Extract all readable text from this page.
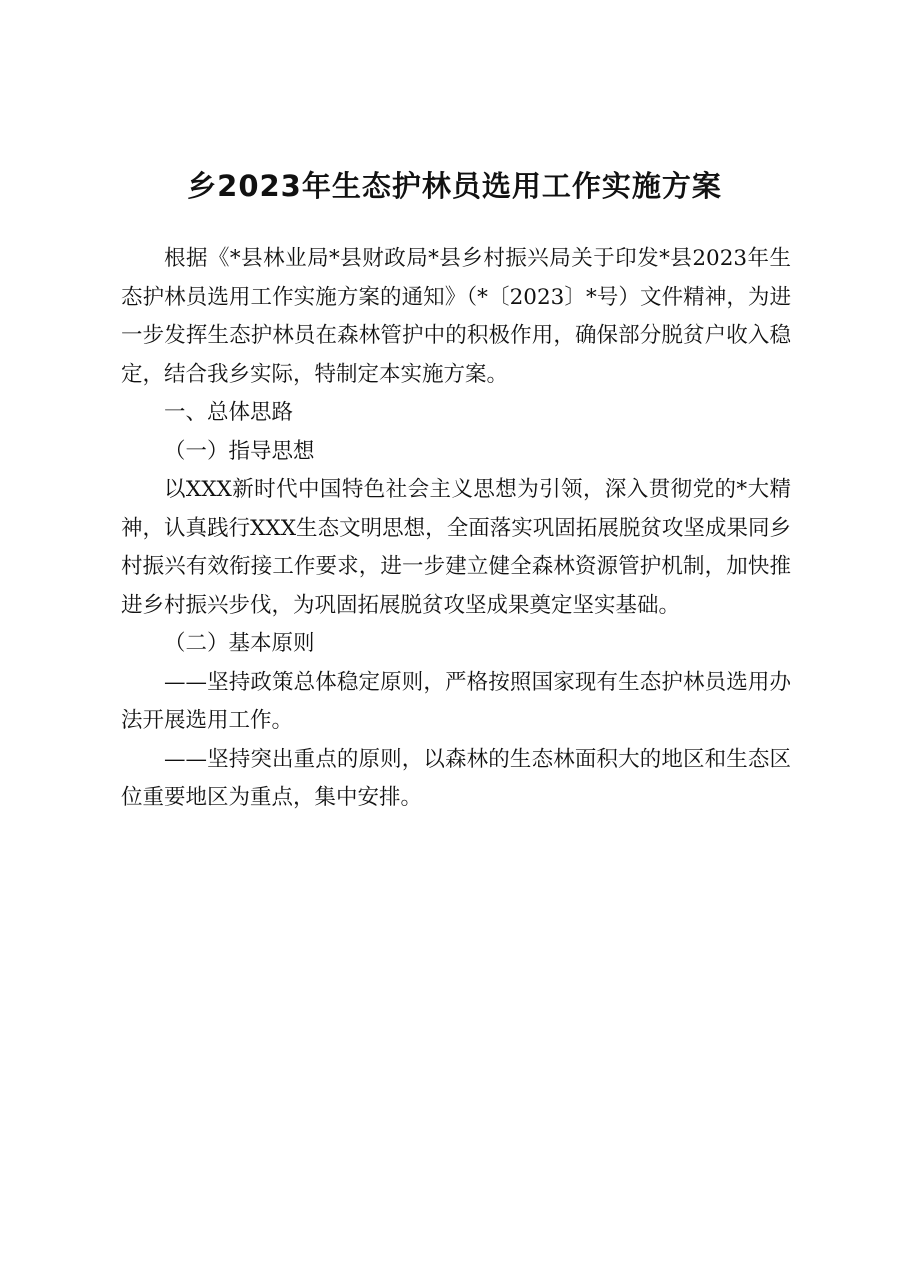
乡2023年生态护林员选用工作实施方案

根据《*县林业局*县财政局*县乡村振兴局关于印发*县2023年生态护林员选用工作实施方案的通知》（*〔2023〕*号）文件精神，为进一步发挥生态护林员在森林管护中的积极作用，确保部分脱贫户收入稳定，结合我乡实际，特制定本实施方案。

一、总体思路

（一）指导思想

以XXX新时代中国特色社会主义思想为引领，深入贯彻党的*大精神，认真践行XXX生态文明思想，全面落实巩固拓展脱贫攻坚成果同乡村振兴有效衔接工作要求，进一步建立健全森林资源管护机制，加快推进乡村振兴步伐，为巩固拓展脱贫攻坚成果奠定坚实基础。

（二）基本原则

——坚持政策总体稳定原则，严格按照国家现有生态护林员选用办法开展选用工作。

——坚持突出重点的原则，以森林的生态林面积大的地区和生态区位重要地区为重点，集中安排。
